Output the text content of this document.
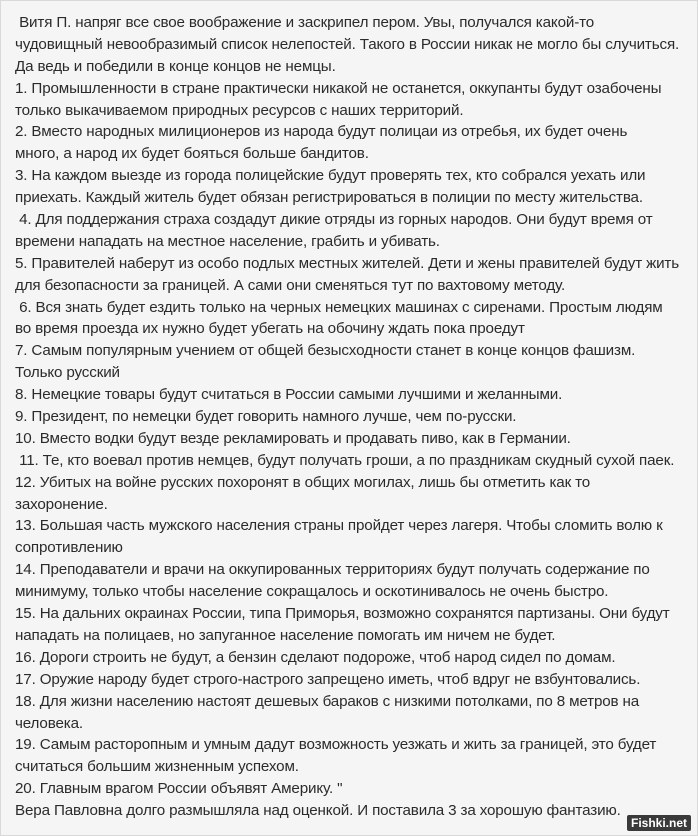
Витя П. напряг все свое воображение и заскрипел пером. Увы, получался какой-то
чудовищный невообразимый список нелепостей. Такого в России никак не могло бы случиться.
Да ведь и победили в конце концов не немцы.
1. Промышленности в стране практически никакой не останется, оккупанты будут озабочены
только выкачиваемом природных ресурсов с наших территорий.
2. Вместо народных милиционеров из народа будут полицаи из отребья, их будет очень
много, а народ их будет бояться больше бандитов.
3. На каждом выезде из города полицейские будут проверять тех, кто собрался уехать или
приехать. Каждый житель будет обязан регистрироваться в полиции по месту жительства.
4. Для поддержания страха создадут дикие отряды из горных народов. Они будут время от
времени нападать на местное население, грабить и убивать.
5. Правителей наберут из особо подлых местных жителей. Дети и жены правителей будут жить
для безопасности за границей. А сами они сменяться тут по вахтовому методу.
6. Вся знать будет ездить только на черных немецких машинах с сиренами. Простым людям
во время проезда их нужно будет убегать на обочину ждать пока проедут
7. Самым популярным учением от общей безысходности станет в конце концов фашизм.
Только русский
8. Немецкие товары будут считаться в России самыми лучшими и желанными.
9. Президент, по немецки будет говорить намного лучше, чем по-русски.
10. Вместо водки будут везде рекламировать и продавать пиво, как в Германии.
11. Те, кто воевал против немцев, будут получать гроши, а по праздникам скудный сухой паек.
12. Убитых на войне русских похоронят в общих могилах, лишь бы отметить как то
захоронение.
13. Большая часть мужского населения страны пройдет через лагеря. Чтобы сломить волю к
сопротивлению
14. Преподаватели и врачи на оккупированных территориях будут получать содержание по
минимуму, только чтобы население сокращалось и оскотинивалось не очень быстро.
15. На дальних окраинах России, типа Приморья, возможно сохранятся партизаны. Они будут
нападать на полицаев, но запуганное население помогать им ничем не будет.
16. Дороги строить не будут, а бензин сделают подороже, чтоб народ сидел по домам.
17. Оружие народу будет строго-настрого запрещено иметь, чтоб вдруг не взбунтовались.
18. Для жизни населению настоят дешевых бараков с низкими потолками, по 8 метров на
человека.
19. Самым расторопным и умным дадут возможность уезжать и жить за границей, это будет
считаться большим жизненным успехом.
20. Главным врагом России объявят Америку. "
Вера Павловна долго размышляла над оценкой. И поставила 3 за хорошую фантазию.
Fishki.net
